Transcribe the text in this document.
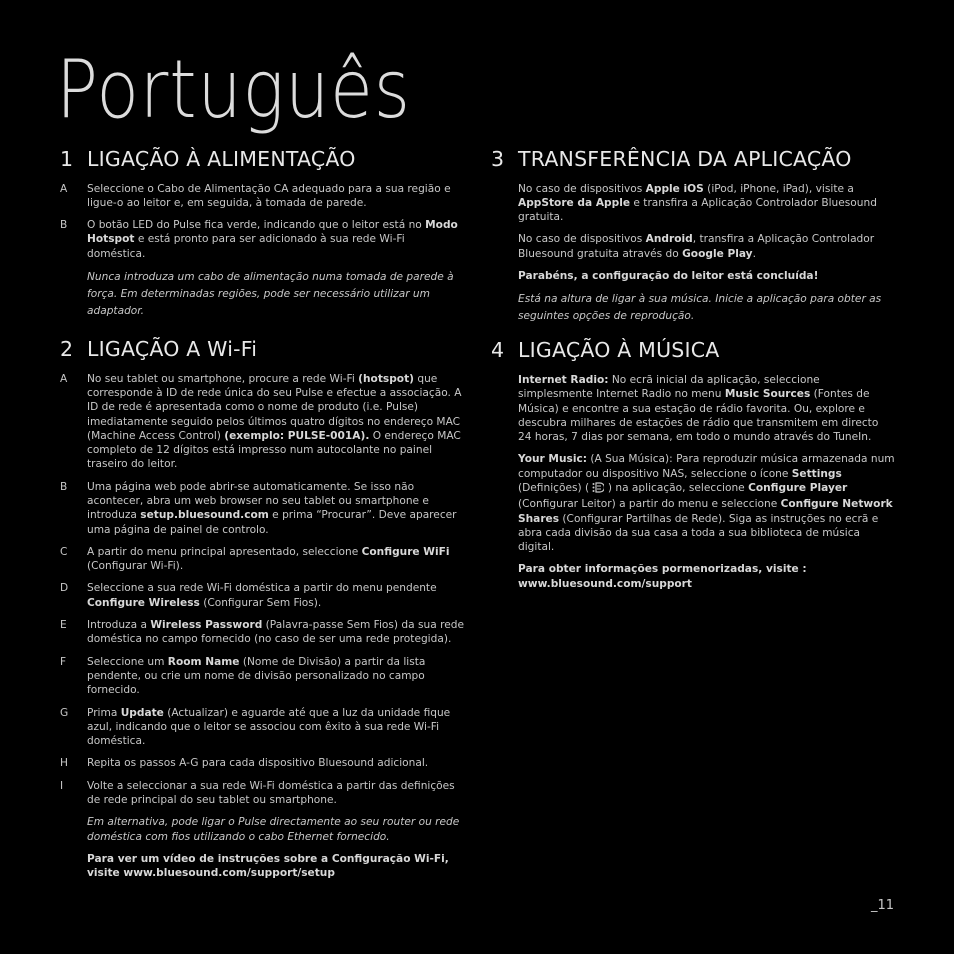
Português
1 LIGAÇÃO À ALIMENTAÇÃO
A	Seleccione o Cabo de Alimentação CA adequado para a sua região e ligue-o ao leitor e, em seguida, à tomada de parede.
B	O botão LED do Pulse fica verde, indicando que o leitor está no Modo Hotspot e está pronto para ser adicionado à sua rede Wi-Fi doméstica.
Nunca introduza um cabo de alimentação numa tomada de parede à força. Em determinadas regiões, pode ser necessário utilizar um adaptador.
2 LIGAÇÃO A Wi-Fi
A	No seu tablet ou smartphone, procure a rede Wi-Fi (hotspot) que corresponde à ID de rede única do seu Pulse e efectue a associação. A ID de rede é apresentada como o nome de produto (i.e. Pulse) imediatamente seguido pelos últimos quatro dígitos no endereço MAC (Machine Access Control) (exemplo: PULSE-001A). O endereço MAC completo de 12 dígitos está impresso num autocolante no painel traseiro do leitor.
B	Uma página web pode abrir-se automaticamente. Se isso não acontecer, abra um web browser no seu tablet ou smartphone e introduza setup.bluesound.com e prima “Procurar”. Deve aparecer uma página de painel de controlo.
C	A partir do menu principal apresentado, seleccione Configure WiFi (Configurar Wi-Fi).
D	Seleccione a sua rede Wi-Fi doméstica a partir do menu pendente Configure Wireless (Configurar Sem Fios).
E	Introduza a Wireless Password (Palavra-passe Sem Fios) da sua rede doméstica no campo fornecido (no caso de ser uma rede protegida).
F	Seleccione um Room Name (Nome de Divisão) a partir da lista pendente, ou crie um nome de divisão personalizado no campo fornecido.
G	Prima Update (Actualizar) e aguarde até que a luz da unidade fique azul, indicando que o leitor se associou com êxito à sua rede Wi-Fi doméstica.
H	Repita os passos A-G para cada dispositivo Bluesound adicional.
I	Volte a seleccionar a sua rede Wi-Fi doméstica a partir das definições de rede principal do seu tablet ou smartphone.
Em alternativa, pode ligar o Pulse directamente ao seu router ou rede doméstica com fios utilizando o cabo Ethernet fornecido.
Para ver um vídeo de instruções sobre a Configuração Wi-Fi, visite www.bluesound.com/support/setup
3 TRANSFERÊNCIA DA APLICAÇÃO
No caso de dispositivos Apple iOS (iPod, iPhone, iPad), visite a AppStore da Apple e transfira a Aplicação Controlador Bluesound gratuita.
No caso de dispositivos Android, transfira a Aplicação Controlador Bluesound gratuita através do Google Play.
Parabéns, a configuração do leitor está concluída!
Está na altura de ligar à sua música. Inicie a aplicação para obter as seguintes opções de reprodução.
4 LIGAÇÃO À MÚSICA
Internet Radio: No ecrã inicial da aplicação, seleccione simplesmente Internet Radio no menu Music Sources (Fontes de Música) e encontre a sua estação de rádio favorita. Ou, explore e descubra milhares de estações de rádio que transmitem em directo 24 horas, 7 dias por semana, em todo o mundo através do TuneIn.
Your Music: (A Sua Música): Para reproduzir música armazenada num computador ou dispositivo NAS, seleccione o ícone Settings (Definições) (  ) na aplicação, seleccione Configure Player (Configurar Leitor) a partir do menu e seleccione Configure Network Shares (Configurar Partilhas de Rede). Siga as instruções no ecrã e abra cada divisão da sua casa a toda a sua biblioteca de música digital.
Para obter informações pormenorizadas, visite : www.bluesound.com/support
_11
